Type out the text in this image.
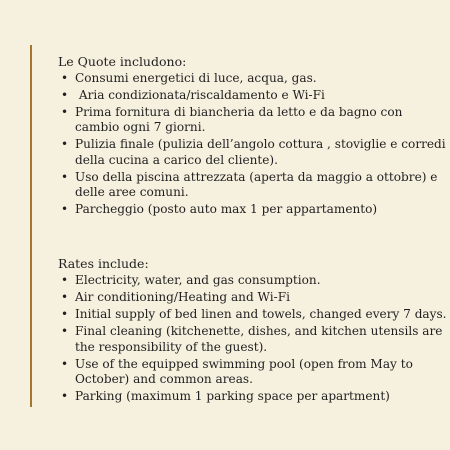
Le Quote includono:
• Consumi energetici di luce, acqua, gas.
• Aria condizionata/riscaldamento e Wi-Fi
• Prima fornitura di biancheria da letto e da bagno con cambio ogni 7 giorni.
• Pulizia finale (pulizia dell’angolo cottura , stoviglie e corredi della cucina a carico del cliente).
• Uso della piscina attrezzata (aperta da maggio a ottobre) e delle aree comuni.
• Parcheggio (posto auto max 1 per appartamento)
Rates include:
• Electricity, water, and gas consumption.
• Air conditioning/Heating and Wi-Fi
• Initial supply of bed linen and towels, changed every 7 days.
• Final cleaning (kitchenette, dishes, and kitchen utensils are the responsibility of the guest).
• Use of the equipped swimming pool (open from May to October) and common areas.
• Parking (maximum 1 parking space per apartment)
